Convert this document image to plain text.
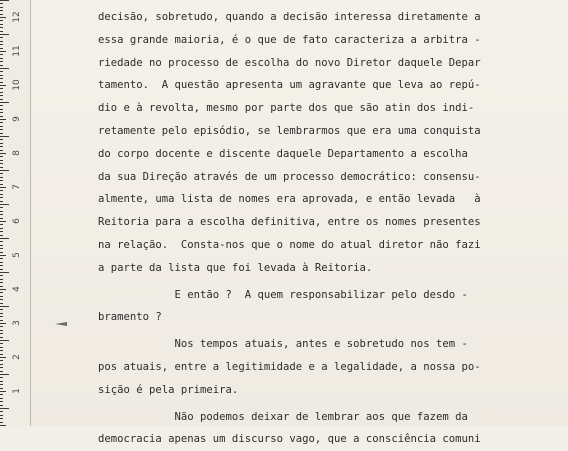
1
2
3
4
5
6
7
8
9
10
11
12	decisão, sobretudo, quando a decisão interessa diretamente a
essa grande maioria, é o que de fato caracteriza a arbitra -
riedade no processo de escolha do novo Diretor daquele Depar
tamento.  A questão apresenta um agravante que leva ao repú-
dio e à revolta, mesmo por parte dos que são atin dos indi-
retamente pelo episódio, se lembrarmos que era uma conquista
do corpo docente e discente daquele Departamento a escolha
da sua Direção através de um processo democrático: consensu-
almente, uma lista de nomes era aprovada, e então levada   à
Reitoria para a escolha definitiva, entre os nomes presentes
na relação.  Consta-nos que o nome do atual diretor não fazi
a parte da lista que foi levada à Reitoria.
E então ?  A quem responsabilizar pelo desdo -
bramento ?
Nos tempos atuais, antes e sobretudo nos tem -
pos atuais, entre a legitimidade e a legalidade, a nossa po-
sição é pela primeira.
Não podemos deixar de lembrar aos que fazem da
democracia apenas um discurso vago, que a consciência comuni
